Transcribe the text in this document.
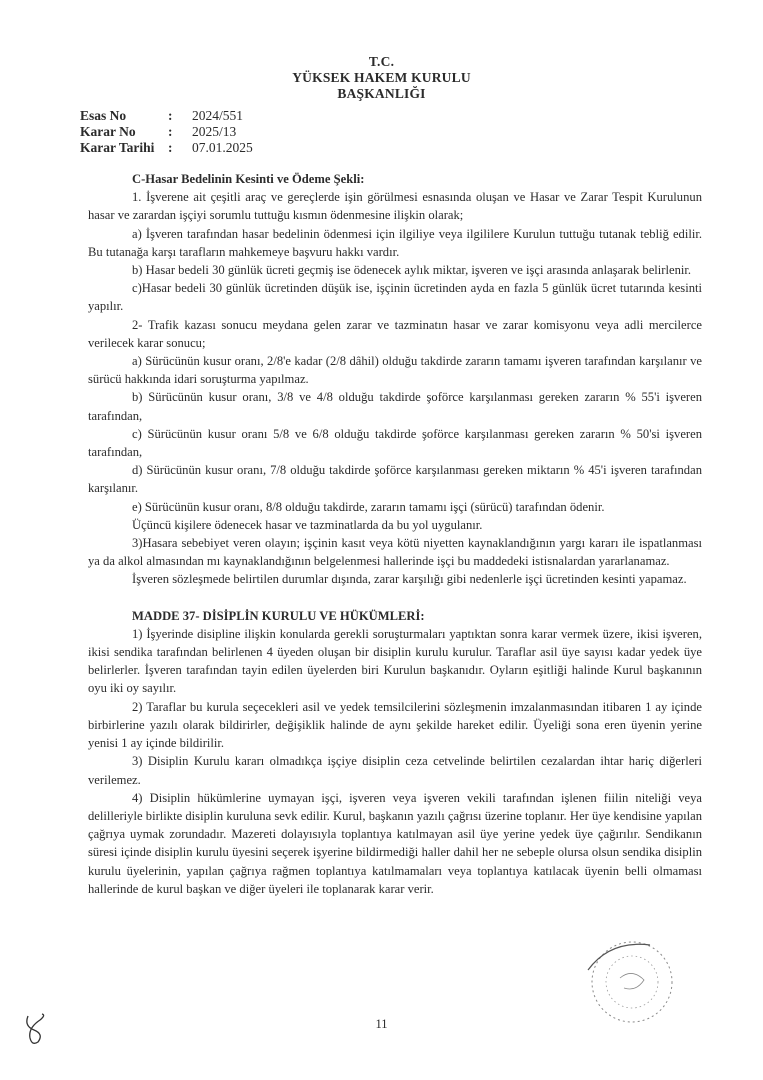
T.C.
YÜKSEK HAKEM KURULU
BAŞKANLIĞI
Esas No	: 2024/551
Karar No : 2025/13
Karar Tarihi : 07.01.2025

C-Hasar Bedelinin Kesinti ve Ödeme Şekli:

1. İşverene ait çeşitli araç ve gereçlerde işin görülmesi esnasında oluşan ve Hasar ve Zarar Tespit Kurulunun hasar ve zarardan işçiyi sorumlu tuttuğu kısmın ödenmesine ilişkin olarak;

a) İşveren tarafından hasar bedelinin ödenmesi için ilgiliye veya ilgililere Kurulun tuttuğu tutanak tebliğ edilir. Bu tutanağa karşı tarafların mahkemeye başvuru hakkı vardır.

b) Hasar bedeli 30 günlük ücreti geçmiş ise ödenecek aylık miktar, işveren ve işçi arasında anlaşarak belirlenir.

c)Hasar bedeli 30 günlük ücretinden düşük ise, işçinin ücretinden ayda en fazla 5 günlük ücret tutarında kesinti yapılır.

2- Trafik kazası sonucu meydana gelen zarar ve tazminatın hasar ve zarar komisyonu veya adli mercilerce verilecek karar sonucu;

a) Sürücünün kusur oranı, 2/8'e kadar (2/8 dâhil) olduğu takdirde zararın tamamı işveren tarafından karşılanır ve sürücü hakkında idari soruşturma yapılmaz.

b) Sürücünün kusur oranı, 3/8 ve 4/8 olduğu takdirde şoförce karşılanması gereken zararın % 55'i işveren tarafından,

c) Sürücünün kusur oranı 5/8 ve 6/8 olduğu takdirde şoförce karşılanması gereken zararın % 50'si işveren tarafından,

d) Sürücünün kusur oranı, 7/8 olduğu takdirde şoförce karşılanması gereken miktarın % 45'i işveren tarafından karşılanır.

e) Sürücünün kusur oranı, 8/8 olduğu takdirde, zararın tamamı işçi (sürücü) tarafından ödenir.

Üçüncü kişilere ödenecek hasar ve tazminatlarda da bu yol uygulanır.

3)Hasara sebebiyet veren olayın; işçinin kasıt veya kötü niyetten kaynaklandığının yargı kararı ile ispatlanması ya da alkol almasından mı kaynaklandığının belgelenmesi hallerinde işçi bu maddedeki istisnalardan yararlanamaz.

İşveren sözleşmede belirtilen durumlar dışında, zarar karşılığı gibi nedenlerle işçi ücretinden kesinti yapamaz.

MADDE 37- DİSİPLİN KURULU VE HÜKÜMLERİ:

1) İşyerinde disipline ilişkin konularda gerekli soruşturmaları yaptıktan sonra karar vermek üzere, ikisi işveren, ikisi sendika tarafından belirlenen 4 üyeden oluşan bir disiplin kurulu kurulur. Taraflar asil üye sayısı kadar yedek üye belirlerler. İşveren tarafından tayin edilen üyelerden biri Kurulun başkanıdır. Oyların eşitliği halinde Kurul başkanının oyu iki oy sayılır.

2) Taraflar bu kurula seçecekleri asil ve yedek temsilcilerini sözleşmenin imzalanmasından itibaren 1 ay içinde birbirlerine yazılı olarak bildirirler, değişiklik halinde de aynı şekilde hareket edilir. Üyeliği sona eren üyenin yerine yenisi 1 ay içinde bildirilir.

3) Disiplin Kurulu kararı olmadıkça işçiye disiplin ceza cetvelinde belirtilen cezalardan ihtar hariç diğerleri verilemez.

4) Disiplin hükümlerine uymayan işçi, işveren veya işveren vekili tarafından işlenen fiilin niteliği veya delilleriyle birlikte disiplin kuruluna sevk edilir. Kurul, başkanın yazılı çağrısı üzerine toplanır. Her üye kendisine yapılan çağrıya uymak zorundadır. Mazereti dolayısıyla toplantıya katılmayan asil üye yerine yedek üye çağırılır. Sendikanın süresi içinde disiplin kurulu üyesini seçerek işyerine bildirmediği haller dahil her ne sebeple olursa olsun sendika disiplin kurulu üyelerinin, yapılan çağrıya rağmen toplantıya katılmamaları veya toplantıya katılacak üyenin belli olmaması hallerinde de kurul başkan ve diğer üyeleri ile toplanarak karar verir.

11
